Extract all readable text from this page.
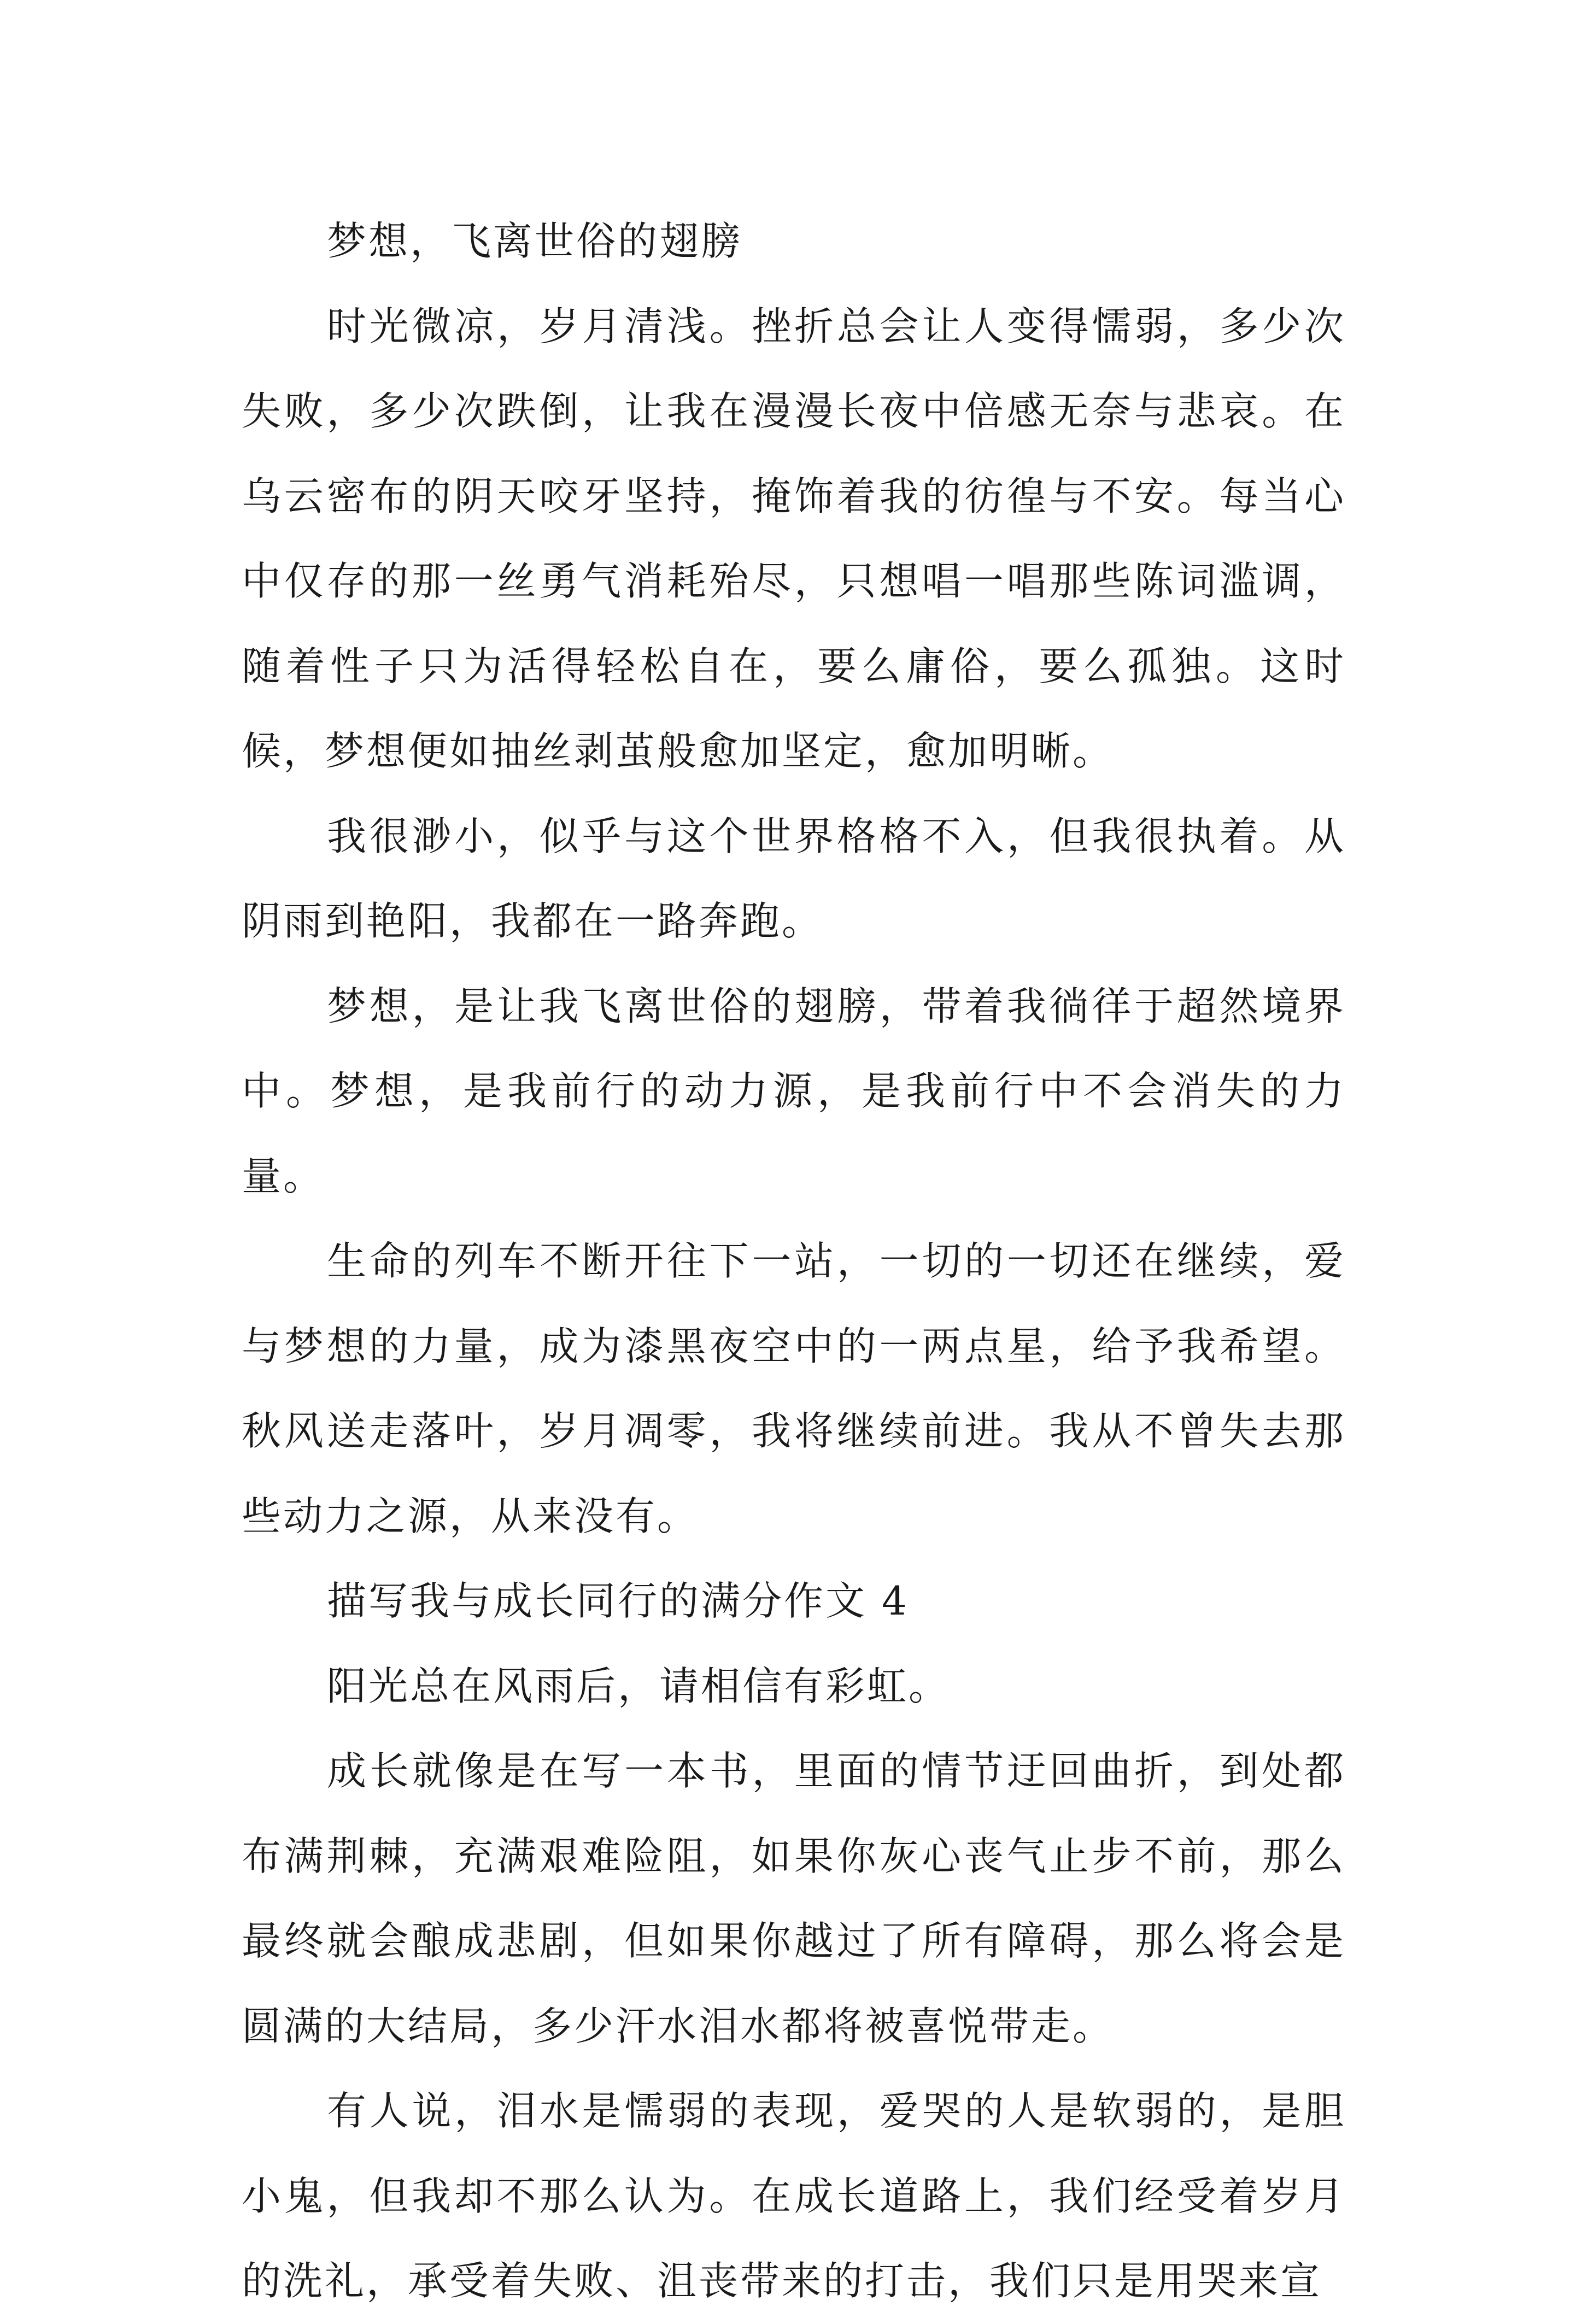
梦想，飞离世俗的翅膀

时光微凉，岁月清浅。挫折总会让人变得懦弱，多少次失败，多少次跌倒，让我在漫漫长夜中倍感无奈与悲哀。在乌云密布的阴天咬牙坚持，掩饰着我的彷徨与不安。每当心中仅存的那一丝勇气消耗殆尽，只想唱一唱那些陈词滥调，随着性子只为活得轻松自在，要么庸俗，要么孤独。这时候，梦想便如抽丝剥茧般愈加坚定，愈加明晰。

我很渺小，似乎与这个世界格格不入，但我很执着。从阴雨到艳阳，我都在一路奔跑。

梦想，是让我飞离世俗的翅膀，带着我徜徉于超然境界中。梦想，是我前行的动力源，是我前行中不会消失的力量。

生命的列车不断开往下一站，一切的一切还在继续，爱与梦想的力量，成为漆黑夜空中的一两点星，给予我希望。秋风送走落叶，岁月凋零，我将继续前进。我从不曾失去那些动力之源，从来没有。

描写我与成长同行的满分作文 4

阳光总在风雨后，请相信有彩虹。

成长就像是在写一本书，里面的情节迂回曲折，到处都布满荆棘，充满艰难险阻，如果你灰心丧气止步不前，那么最终就会酿成悲剧，但如果你越过了所有障碍，那么将会是圆满的大结局，多少汗水泪水都将被喜悦带走。

有人说，泪水是懦弱的表现，爱哭的人是软弱的，是胆小鬼，但我却不那么认为。在成长道路上，我们经受着岁月的洗礼，承受着失败、沮丧带来的打击，我们只是用哭来宣
